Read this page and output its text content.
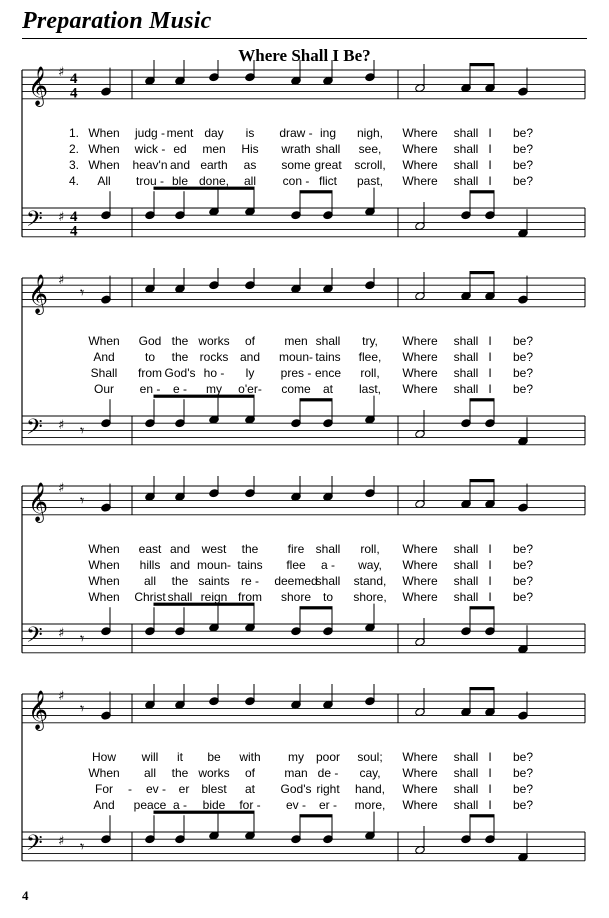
Preparation Music
Where Shall I Be?
𝄞
𝄢
♯
♯
4
4
4
4
1. When judg - ment day is draw - ing nigh, Where shall I be?
2. When wick - ed men His wrath shall see, Where shall I be?
3. When heav'n and earth as some great scroll, Where shall I be?
4. All trou - ble done, all con - flict past, Where shall I be?
𝄞
𝄢
♯
♯
𝄾
𝄾
When God the works of men shall try, Where shall I be?
And	to the rocks and moun- tains flee, Where shall I be?
Shall from God's ho - ly pres - ence roll, Where shall I be?
Our en - e - my o'er- come at last, Where shall I be?
𝄞
𝄢
♯
♯
𝄾
𝄾
When east and west the fire shall roll, Where shall I be?
When hills and moun- tains flee a - way, Where shall I be?
When all the saints re - deemed
shall stand, Where shall I be?
When Christ shall reign from shore to shore, Where shall I be?
𝄞
𝄢
♯
♯
𝄾
𝄾
How will it be with my poor soul; Where shall I be?
When all the works of man de - cay, Where shall I be?
For - ev - er blest at God's right hand, Where shall I be?
And peace a - bide for - ev - er - more, Where shall I be?
4
